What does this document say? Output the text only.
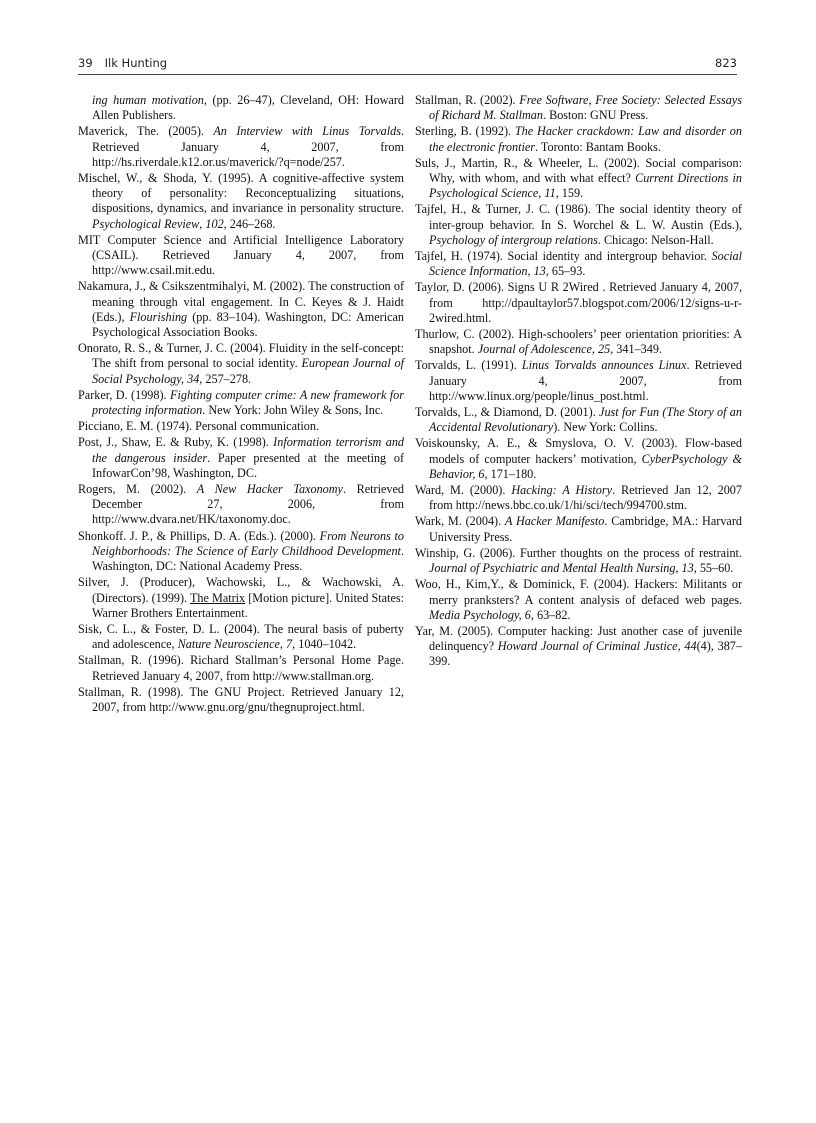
39 Ilk Hunting	823

ing human motivation, (pp. 26–47), Cleveland, OH: Howard Allen Publishers.

Maverick, The. (2005). An Interview with Linus Torvalds. Retrieved January 4, 2007, from http://hs.riverdale.k12.or.us/maverick/?q=node/257.

Mischel, W., & Shoda, Y. (1995). A cognitive-affective system theory of personality: Reconceptualizing situations, dispositions, dynamics, and invariance in personality structure. Psychological Review, 102, 246–268.

MIT Computer Science and Artificial Intelligence Laboratory (CSAIL). Retrieved January 4, 2007, from http://www.csail.mit.edu.

Nakamura, J., & Csikszentmihalyi, M. (2002). The construction of meaning through vital engagement. In C. Keyes & J. Haidt (Eds.), Flourishing (pp. 83–104). Washington, DC: American Psychological Association Books.

Onorato, R. S., & Turner, J. C. (2004). Fluidity in the self-concept: The shift from personal to social identity. European Journal of Social Psychology, 34, 257–278.

Parker, D. (1998). Fighting computer crime: A new framework for protecting information. New York: John Wiley & Sons, Inc.

Picciano, E. M. (1974). Personal communication.

Post, J., Shaw, E. & Ruby, K. (1998). Information terrorism and the dangerous insider. Paper presented at the meeting of InfowarCon’98, Washington, DC.

Rogers, M. (2002). A New Hacker Taxonomy. Retrieved December 27, 2006, from http://www.dvara.net/HK/taxonomy.doc.

Shonkoff. J. P., & Phillips, D. A. (Eds.). (2000). From Neurons to Neighborhoods: The Science of Early Childhood Development. Washington, DC: National Academy Press.

Silver, J. (Producer), Wachowski, L., & Wachowski, A. (Directors). (1999). The Matrix [Motion picture]. United States: Warner Brothers Entertainment.

Sisk, C. L., & Foster, D. L. (2004). The neural basis of puberty and adolescence, Nature Neuroscience, 7, 1040–1042.

Stallman, R. (1996). Richard Stallman’s Personal Home Page. Retrieved January 4, 2007, from http://www.stallman.org.

Stallman, R. (1998). The GNU Project. Retrieved January 12, 2007, from http://www.gnu.org/gnu/thegnuproject.html.

Stallman, R. (2002). Free Software, Free Society: Selected Essays of Richard M. Stallman. Boston: GNU Press.

Sterling, B. (1992). The Hacker crackdown: Law and disorder on the electronic frontier. Toronto: Bantam Books.

Suls, J., Martin, R., & Wheeler, L. (2002). Social comparison: Why, with whom, and with what effect? Current Directions in Psychological Science, 11, 159.

Tajfel, H., & Turner, J. C. (1986). The social identity theory of inter-group behavior. In S. Worchel & L. W. Austin (Eds.), Psychology of intergroup relations. Chicago: Nelson-Hall.

Tajfel, H. (1974). Social identity and intergroup behavior. Social Science Information, 13, 65–93.

Taylor, D. (2006). Signs U R 2Wired . Retrieved January 4, 2007, from http://dpaultaylor57.blogspot.com/2006/12/signs-u-r-2wired.html.

Thurlow, C. (2002). High-schoolers’ peer orientation priorities: A snapshot. Journal of Adolescence, 25, 341–349.

Torvalds, L. (1991). Linus Torvalds announces Linux. Retrieved January 4, 2007, from http://www.linux.org/people/linus_post.html.

Torvalds, L., & Diamond, D. (2001). Just for Fun (The Story of an Accidental Revolutionary). New York: Collins.

Voiskounsky, A. E., & Smyslova, O. V. (2003). Flow-based models of computer hackers’ motivation, CyberPsychology & Behavior, 6, 171–180.

Ward, M. (2000). Hacking: A History. Retrieved Jan 12, 2007 from http://news.bbc.co.uk/1/hi/sci/tech/994700.stm.

Wark, M. (2004). A Hacker Manifesto. Cambridge, MA.: Harvard University Press.

Winship, G. (2006). Further thoughts on the process of restraint. Journal of Psychiatric and Mental Health Nursing, 13, 55–60.

Woo, H., Kim,Y., & Dominick, F. (2004). Hackers: Militants or merry pranksters? A content analysis of defaced web pages. Media Psychology, 6, 63–82.

Yar, M. (2005). Computer hacking: Just another case of juvenile delinquency? Howard Journal of Criminal Justice, 44(4), 387–399.
